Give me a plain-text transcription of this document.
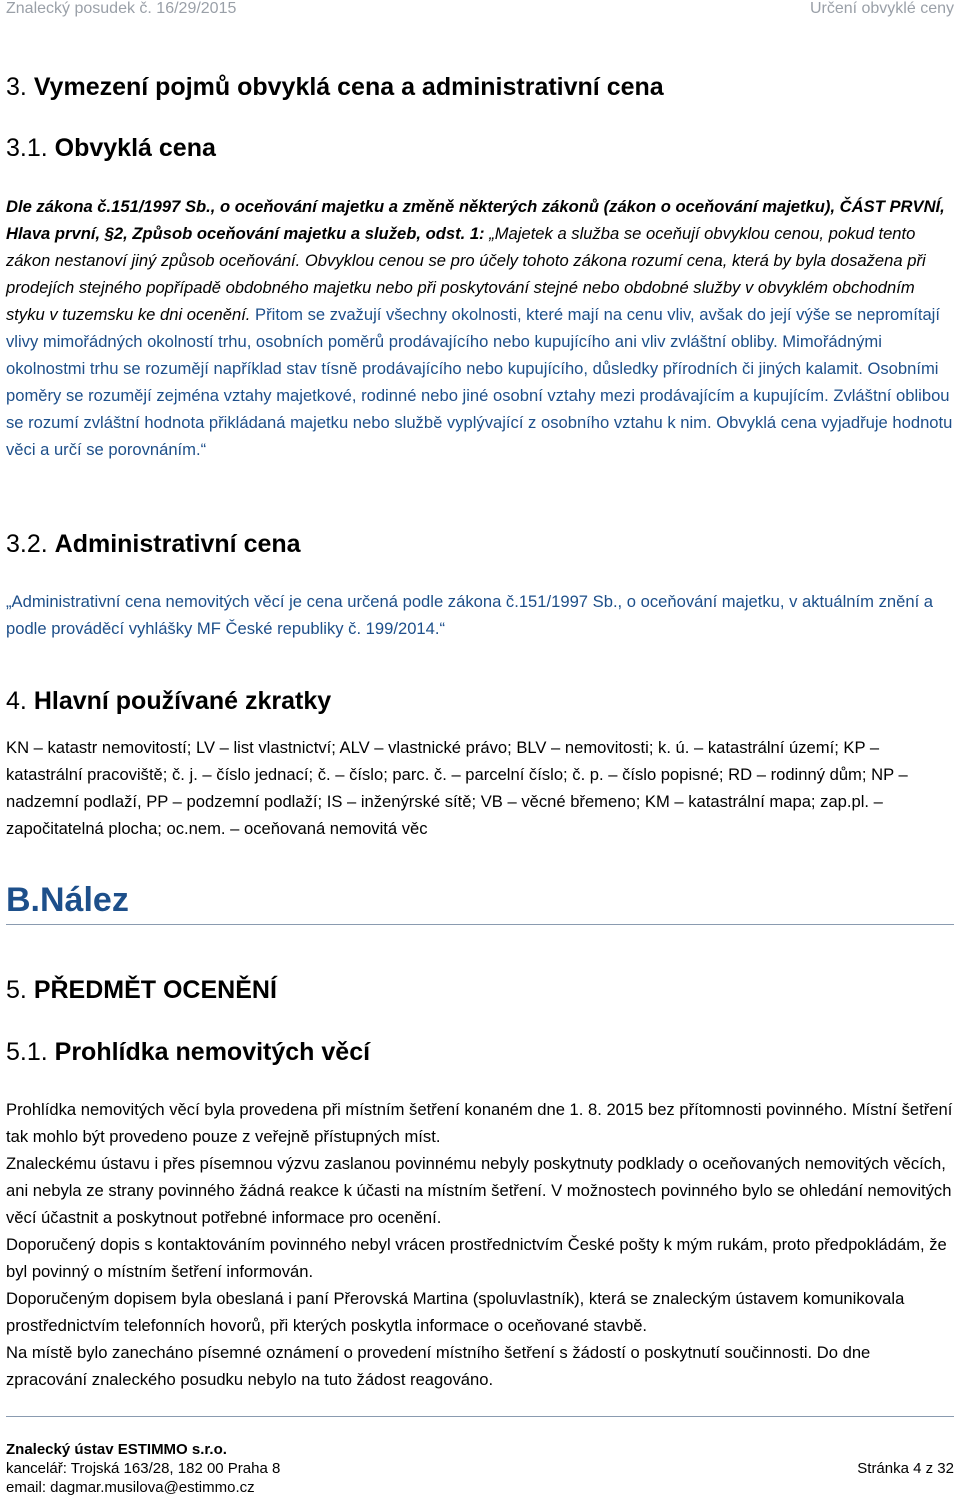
Znalecký posudek č. 16/29/2015	Určení obvyklé ceny
3. Vymezení pojmů obvyklá cena a administrativní cena
3.1. Obvyklá cena

Dle zákona č.151/1997 Sb., o oceňování majetku a změně některých zákonů (zákon o oceňování majetku), ČÁST PRVNÍ, Hlava první, §2, Způsob oceňování majetku a služeb, odst. 1: „Majetek a služba se oceňují obvyklou cenou, pokud tento zákon nestanoví jiný způsob oceňování. Obvyklou cenou se pro účely tohoto zákona rozumí cena, která by byla dosažena při prodejích stejného popřípadě obdobného majetku nebo při poskytování stejné nebo obdobné služby v obvyklém obchodním styku v tuzemsku ke dni ocenění. Přitom se zvažují všechny okolnosti, které mají na cenu vliv, avšak do její výše se nepromítají vlivy mimořádných okolností trhu, osobních poměrů prodávajícího nebo kupujícího ani vliv zvláštní obliby. Mimořádnými okolnostmi trhu se rozumějí například stav tísně prodávajícího nebo kupujícího, důsledky přírodních či jiných kalamit. Osobními poměry se rozumějí zejména vztahy majetkové, rodinné nebo jiné osobní vztahy mezi prodávajícím a kupujícím. Zvláštní oblibou se rozumí zvláštní hodnota přikládaná majetku nebo službě vyplývající z osobního vztahu k nim. Obvyklá cena vyjadřuje hodnotu věci a určí se porovnáním.“

3.2. Administrativní cena

„Administrativní cena nemovitých věcí je cena určená podle zákona č.151/1997 Sb., o oceňování majetku, v aktuálním znění a podle prováděcí vyhlášky MF České republiky č. 199/2014.“

4. Hlavní používané zkratky

KN – katastr nemovitostí; LV – list vlastnictví; ALV – vlastnické právo; BLV – nemovitosti; k. ú. – katastrální území; KP – katastrální pracoviště; č. j. – číslo jednací; č. – číslo; parc. č. – parcelní číslo; č. p. – číslo popisné; RD – rodinný dům; NP – nadzemní podlaží, PP – podzemní podlaží; IS – inženýrské sítě; VB – věcné břemeno; KM – katastrální mapa; zap.pl. – započitatelná plocha; oc.nem. – oceňovaná nemovitá věc

B.Nález
5. PŘEDMĚT OCENĚNÍ
5.1. Prohlídka nemovitých věcí

Prohlídka nemovitých věcí byla provedena při místním šetření konaném dne 1. 8. 2015 bez přítomnosti povinného. Místní šetření tak mohlo být provedeno pouze z veřejně přístupných míst.

Znaleckému ústavu i přes písemnou výzvu zaslanou povinnému nebyly poskytnuty podklady o oceňovaných nemovitých věcích, ani nebyla ze strany povinného žádná reakce k účasti na místním šetření. V možnostech povinného bylo se ohledání nemovitých věcí účastnit a poskytnout potřebné informace pro ocenění.

Doporučený dopis s kontaktováním povinného nebyl vrácen prostřednictvím České pošty k mým rukám, proto předpokládám, že byl povinný o místním šetření informován.

Doporučeným dopisem byla obeslaná i paní Přerovská Martina (spoluvlastník), která se znaleckým ústavem komunikovala prostřednictvím telefonních hovorů, při kterých poskytla informace o oceňované stavbě.

Na místě bylo zanecháno písemné oznámení o provedení místního šetření s žádostí o poskytnutí součinnosti. Do dne zpracování znaleckého posudku nebylo na tuto žádost reagováno.

Znalecký ústav ESTIMMO s.r.o.
kancelář: Trojská 163/28, 182 00 Praha 8
email: dagmar.musilova@estimmo.cz
Stránka 4 z 32
